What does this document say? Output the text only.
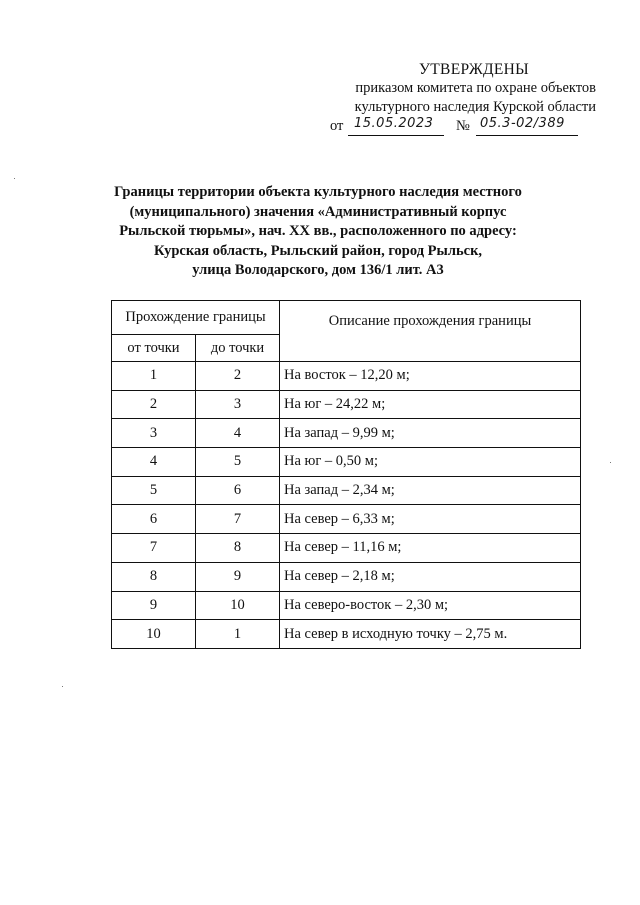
УТВЕРЖДЕНЫ
приказом комитета по охране объектов
культурного наследия Курской области
от 15.05.2023 № 05.3-02/389
Границы территории объекта культурного наследия местного
(муниципального) значения «Административный корпус
Рыльской тюрьмы», нач. XX вв., расположенного по адресу:
Курская область, Рыльский район, город Рыльск,
улица Володарского, дом 136/1 лит. А3
Прохождение границы		Описание прохождения границы
от точки	до точки	
1	2	На восток – 12,20 м;
2	3	На юг – 24,22 м;
3	4	На запад – 9,99 м;
4	5	На юг – 0,50 м;
5	6	На запад – 2,34 м;
6	7	На север – 6,33 м;
7	8	На север – 11,16 м;
8	9	На север – 2,18 м;
9	10	На северо-восток – 2,30 м;
10	1	На север в исходную точку – 2,75 м.
